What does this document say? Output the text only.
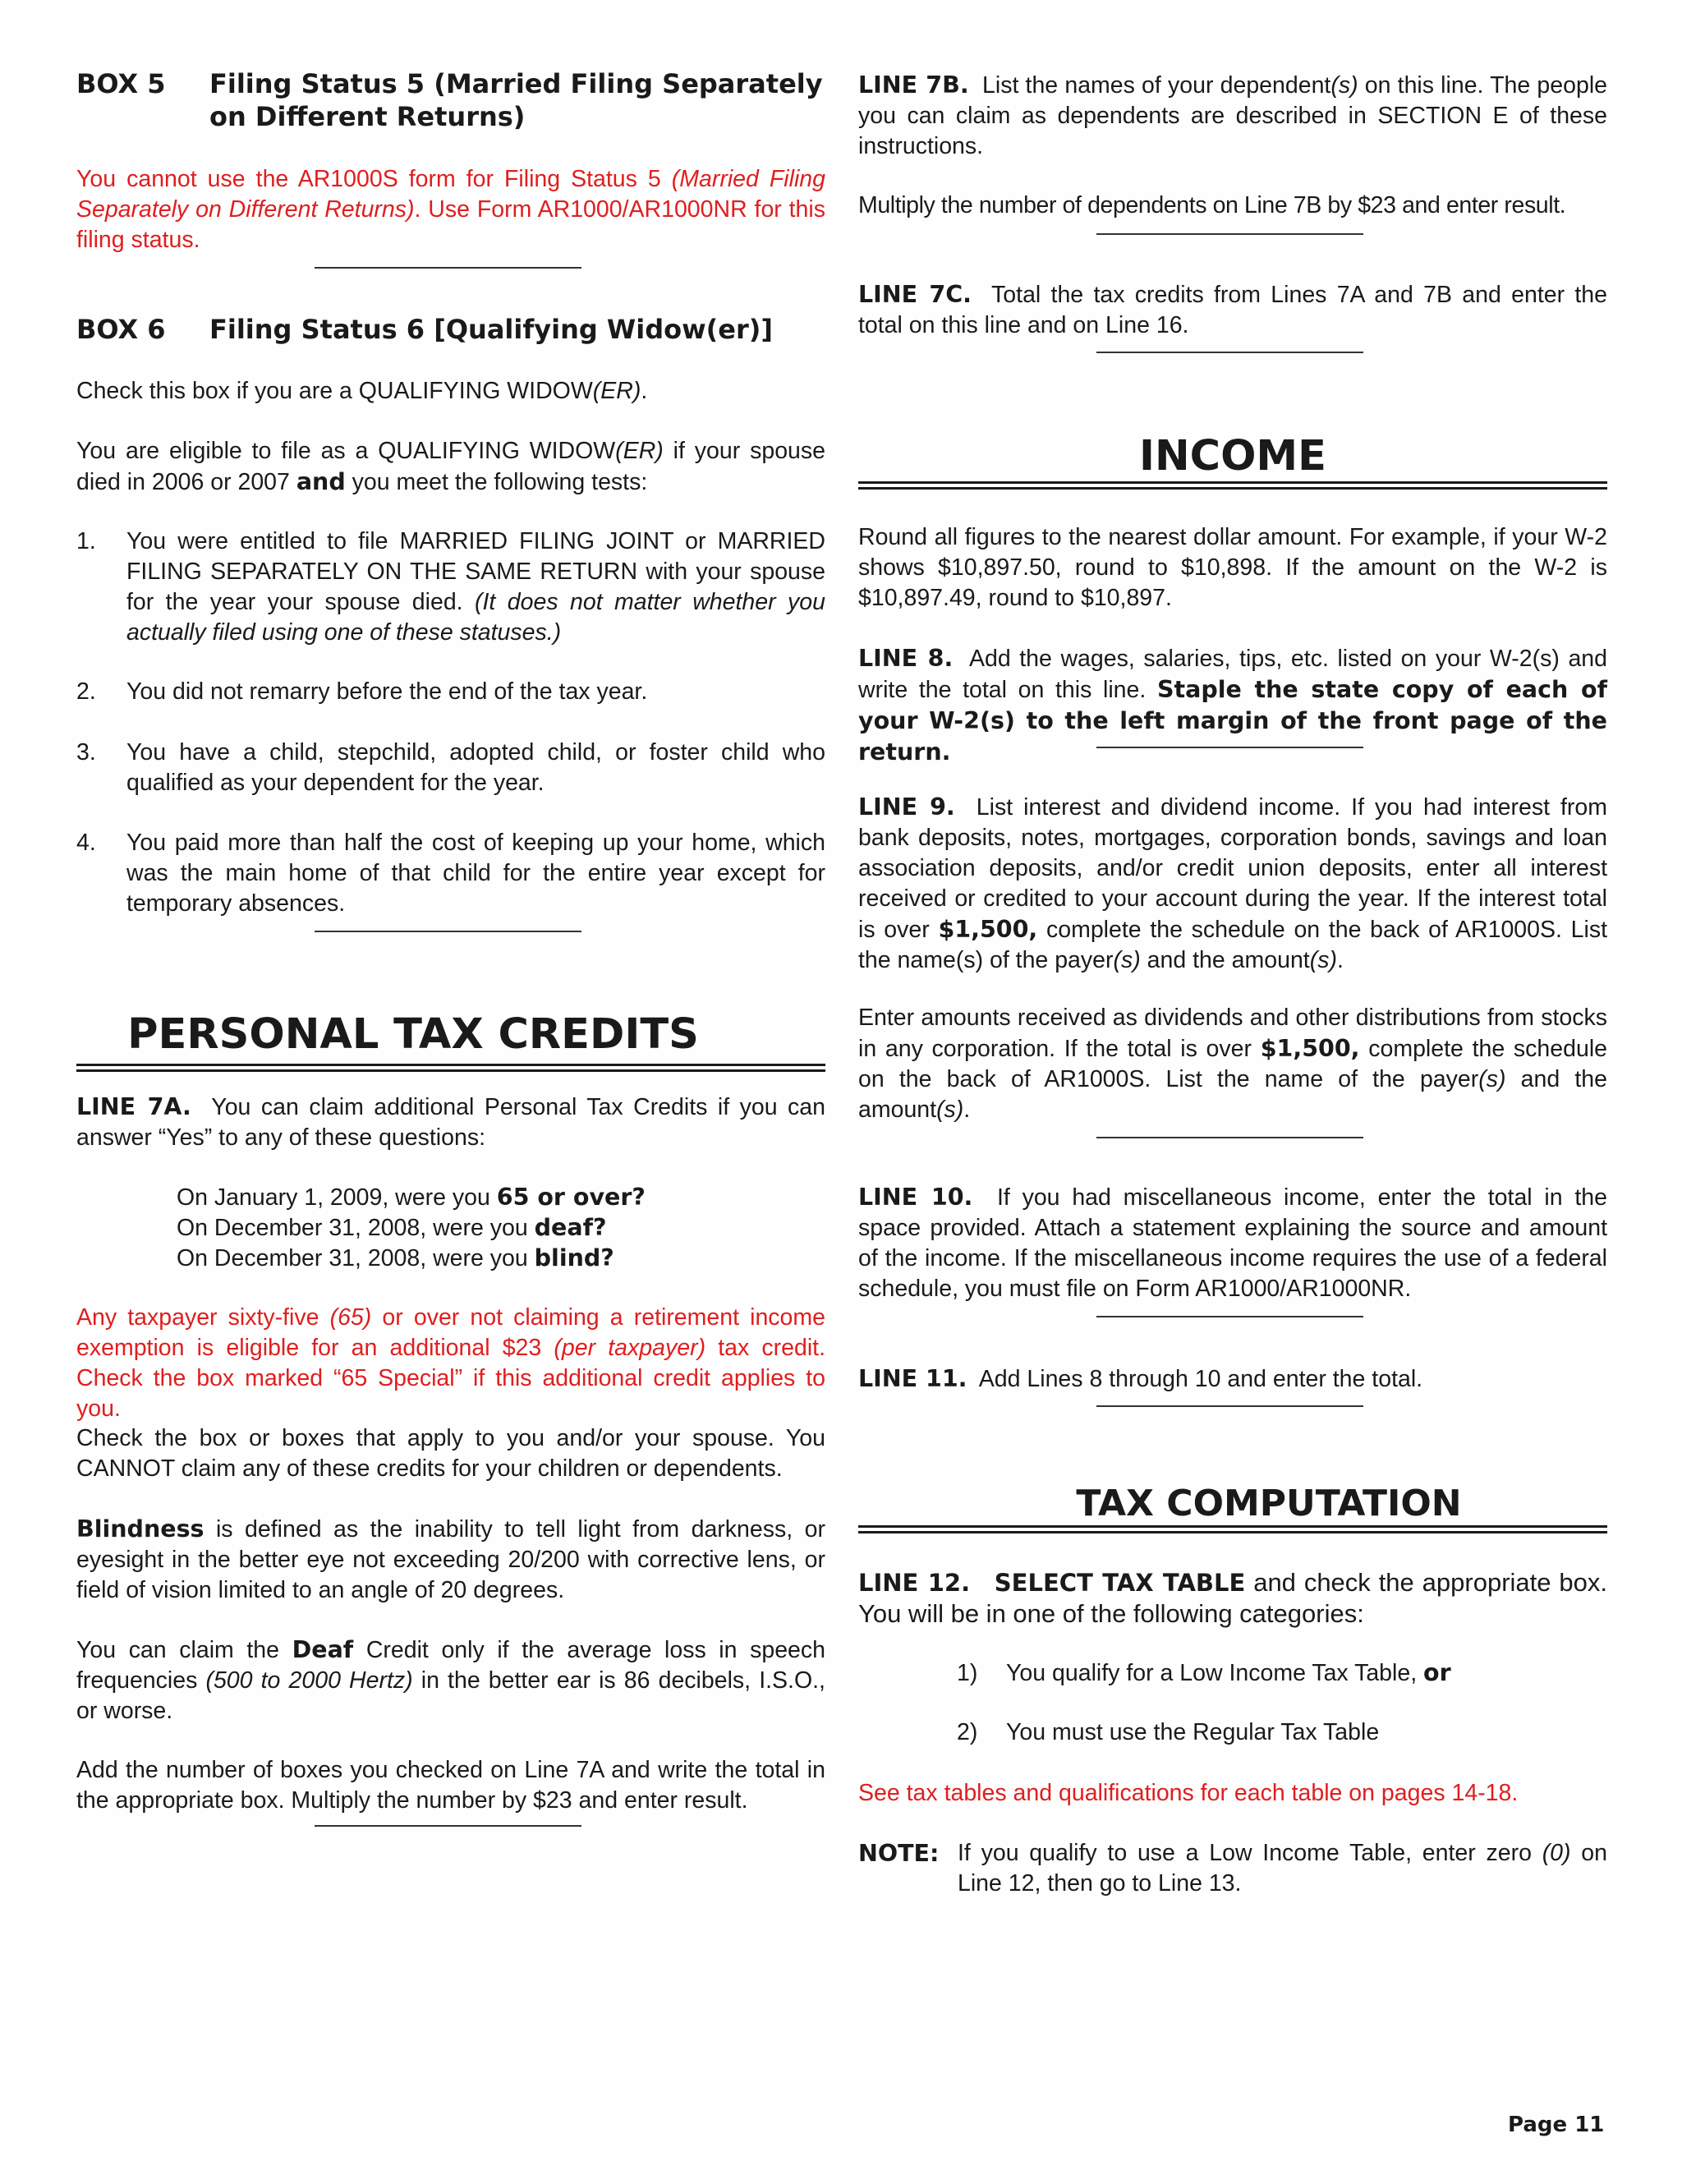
BOX 5 Filing Status 5 (Married Filing Separately
on Different Returns)
You cannot use the AR1000S form for Filing Status 5 (Married Filing Separately on Different Returns). Use Form AR1000/AR1000NR for this filing status.
BOX 6 Filing Status 6 [Qualifying Widow(er)]
Check this box if you are a QUALIFYING WIDOW(ER).
You are eligible to file as a QUALIFYING WIDOW(ER) if your spouse died in 2006 or 2007 and you meet the following tests:
1. You were entitled to file MARRIED FILING JOINT or MARRIED FILING SEPARATELY ON THE SAME RETURN with your spouse for the year your spouse died. (It does not matter whether you actually filed using one of these statuses.)
2. You did not remarry before the end of the tax year.
3. You have a child, stepchild, adopted child, or foster child who qualified as your dependent for the year.
4. You paid more than half the cost of keeping up your home, which was the main home of that child for the entire year except for temporary absences.
PERSONAL TAX CREDITS
LINE 7A. You can claim additional Personal Tax Credits if you can answer “Yes” to any of these questions:
On January 1, 2009, were you 65 or over?
On December 31, 2008, were you deaf?
On December 31, 2008, were you blind?
Any taxpayer sixty-five (65) or over not claiming a retirement income exemption is eligible for an additional $23 (per taxpayer) tax credit. Check the box marked “65 Special” if this additional credit applies to you.
Check the box or boxes that apply to you and/or your spouse. You CANNOT claim any of these credits for your children or dependents.
Blindness is defined as the inability to tell light from darkness, or eyesight in the better eye not exceeding 20/200 with corrective lens, or field of vision limited to an angle of 20 degrees.
You can claim the Deaf Credit only if the average loss in speech frequencies (500 to 2000 Hertz) in the better ear is 86 decibels, I.S.O., or worse.
Add the number of boxes you checked on Line 7A and write the total in the appropriate box. Multiply the number by $23 and enter result.
LINE 7B. List the names of your dependent(s) on this line. The people you can claim as dependents are described in SECTION E of these instructions.
Multiply the number of dependents on Line 7B by $23 and enter result.
LINE 7C. Total the tax credits from Lines 7A and 7B and enter the total on this line and on Line 16.
INCOME
Round all figures to the nearest dollar amount. For example, if your W-2 shows $10,897.50, round to $10,898. If the amount on the W-2 is $10,897.49, round to $10,897.
LINE 8. Add the wages, salaries, tips, etc. listed on your W-2(s) and write the total on this line. Staple the state copy of each of your W-2(s) to the left margin of the front page of the return.
LINE 9. List interest and dividend income. If you had interest from bank deposits, notes, mortgages, corporation bonds, savings and loan association deposits, and/or credit union deposits, enter all interest received or credited to your account during the year. If the interest total is over $1,500, complete the schedule on the back of AR1000S. List the name(s) of the payer(s) and the amount(s).
Enter amounts received as dividends and other distributions from stocks in any corporation. If the total is over $1,500, complete the schedule on the back of AR1000S. List the name of the payer(s) and the amount(s).
LINE 10. If you had miscellaneous income, enter the total in the space provided. Attach a statement explaining the source and amount of the income. If the miscellaneous income requires the use of a federal schedule, you must file on Form AR1000/AR1000NR.
LINE 11. Add Lines 8 through 10 and enter the total.
TAX COMPUTATION
LINE 12. SELECT TAX TABLE and check the appropriate box. You will be in one of the following categories:
1) You qualify for a Low Income Tax Table, or
2) You must use the Regular Tax Table
See tax tables and qualifications for each table on pages 14-18.
NOTE: If you qualify to use a Low Income Table, enter zero (0) on Line 12, then go to Line 13.
Page 11
